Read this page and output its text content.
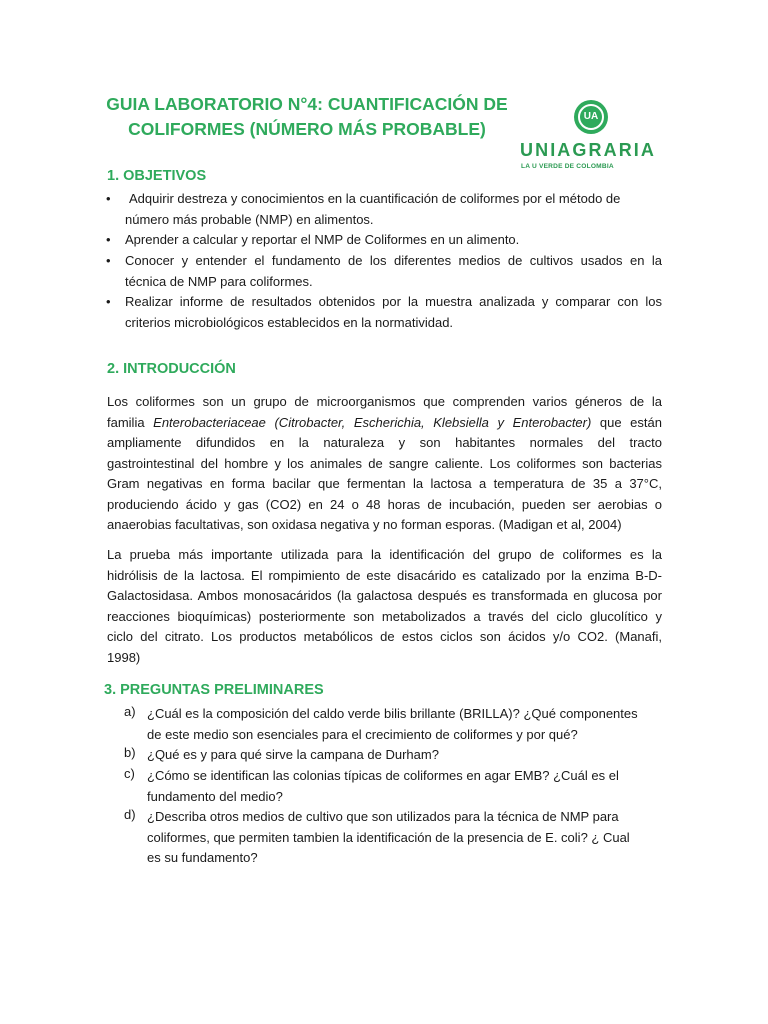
GUIA LABORATORIO N°4: CUANTIFICACIÓN DE
COLIFORMES (NÚMERO MÁS PROBABLE)
UA
UNIAGRARIA
LA U VERDE DE COLOMBIA
1. OBJETIVOS
•	Adquirir destreza y conocimientos en la cuantificación de coliformes por el método de
número más probable (NMP) en alimentos.
• Aprender a calcular y reportar el NMP de Coliformes en un alimento.
• Conocer y entender el fundamento de los diferentes medios de cultivos usados en la
técnica de NMP para coliformes.
• Realizar informe de resultados obtenidos por la muestra analizada y comparar con los
criterios microbiológicos establecidos en la normatividad.
2. INTRODUCCIÓN
Los coliformes son un grupo de microorganismos que comprenden varios géneros de la
familia Enterobacteriaceae (Citrobacter, Escherichia, Klebsiella y Enterobacter) que están
ampliamente difundidos en la naturaleza y son habitantes normales del tracto
gastrointestinal del hombre y los animales de sangre caliente. Los coliformes son bacterias
Gram negativas en forma bacilar que fermentan la lactosa a temperatura de 35 a 37°C,
produciendo ácido y gas (CO2) en 24 o 48 horas de incubación, pueden ser aerobias o
anaerobias facultativas, son oxidasa negativa y no forman esporas. (Madigan et al, 2004)
La prueba más importante utilizada para la identificación del grupo de coliformes es la
hidrólisis de la lactosa. El rompimiento de este disacárido es catalizado por la enzima B-D-
Galactosidasa. Ambos monosacáridos (la galactosa después es transformada en glucosa por
reacciones bioquímicas) posteriormente son metabolizados a través del ciclo glucolítico y
ciclo del citrato. Los productos metabólicos de estos ciclos son ácidos y/o CO2. (Manafi,
1998)
3. PREGUNTAS PRELIMINARES
a) ¿Cuál es la composición del caldo verde bilis brillante (BRILLA)? ¿Qué componentes
de este medio son esenciales para el crecimiento de coliformes y por qué?
b) ¿Qué es y para qué sirve la campana de Durham?
c) ¿Cómo se identifican las colonias típicas de coliformes en agar EMB? ¿Cuál es el
fundamento del medio?
d) ¿Describa otros medios de cultivo que son utilizados para la técnica de NMP para
coliformes, que permiten tambien la identificación de la presencia de E. coli? ¿ Cual
es su fundamento?
